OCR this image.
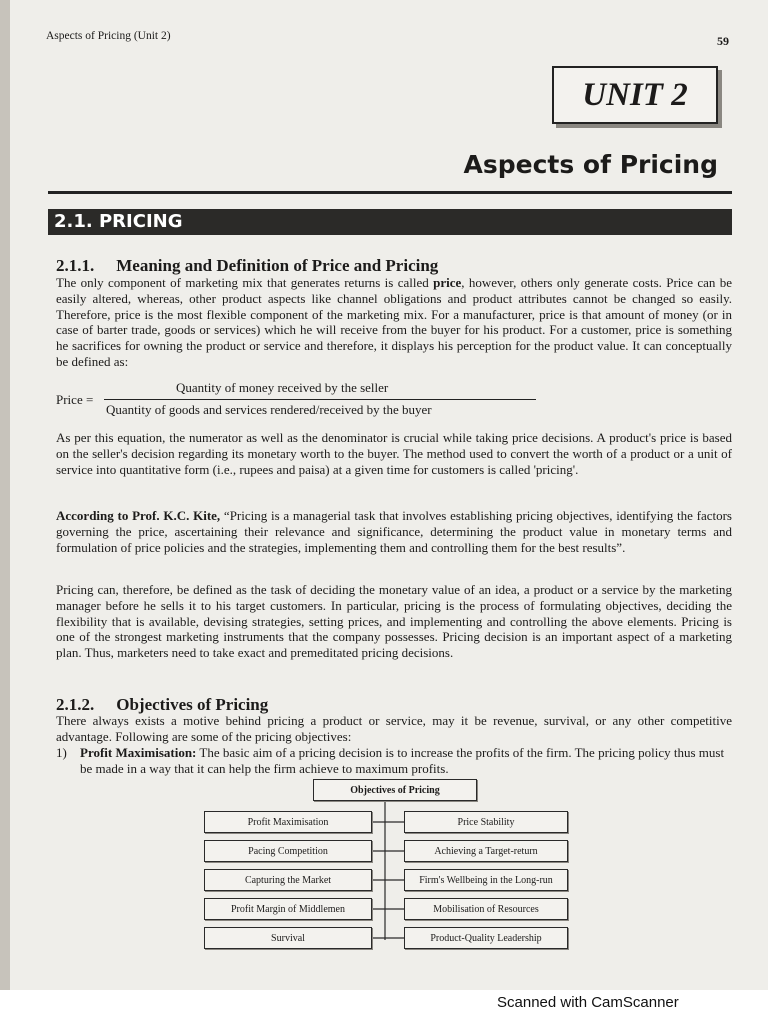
Aspects of Pricing (Unit 2)	59
UNIT 2
Aspects of Pricing
2.1. PRICING
2.1.1. Meaning and Definition of Price and Pricing
The only component of marketing mix that generates returns is called price, however, others only generate costs. Price can be easily altered, whereas, other product aspects like channel obligations and product attributes cannot be changed so easily. Therefore, price is the most flexible component of the marketing mix. For a manufacturer, price is that amount of money (or in case of barter trade, goods or services) which he will receive from the buyer for his product. For a customer, price is something he sacrifices for owning the product or service and therefore, it displays his perception for the product value. It can conceptually be defined as:
Price =
Quantity of money received by the seller
Quantity of goods and services rendered/received by the buyer
As per this equation, the numerator as well as the denominator is crucial while taking price decisions. A product's price is based on the seller's decision regarding its monetary worth to the buyer. The method used to convert the worth of a product or a unit of service into quantitative form (i.e., rupees and paisa) at a given time for customers is called 'pricing'.
According to Prof. K.C. Kite, “Pricing is a managerial task that involves establishing pricing objectives, identifying the factors governing the price, ascertaining their relevance and significance, determining the product value in monetary terms and formulation of price policies and the strategies, implementing them and controlling them for the best results”.
Pricing can, therefore, be defined as the task of deciding the monetary value of an idea, a product or a service by the marketing manager before he sells it to his target customers. In particular, pricing is the process of formulating objectives, deciding the flexibility that is available, devising strategies, setting prices, and implementing and controlling the above elements. Pricing is one of the strongest marketing instruments that the company possesses. Pricing decision is an important aspect of a marketing plan. Thus, marketers need to take exact and premeditated pricing decisions.
2.1.2. Objectives of Pricing
There always exists a motive behind pricing a product or service, may it be revenue, survival, or any other competitive advantage. Following are some of the pricing objectives:
1) Profit Maximisation: The basic aim of a pricing decision is to increase the profits of the firm. The pricing policy thus must be made in a way that it can help the firm achieve to maximum profits.
Objectives of Pricing
Profit Maximisation
Pacing Competition
Capturing the Market
Profit Margin of Middlemen
Survival
Price Stability
Achieving a Target-return
Firm's Wellbeing in the Long-run
Mobilisation of Resources
Product-Quality Leadership
Scanned with CamScanner
